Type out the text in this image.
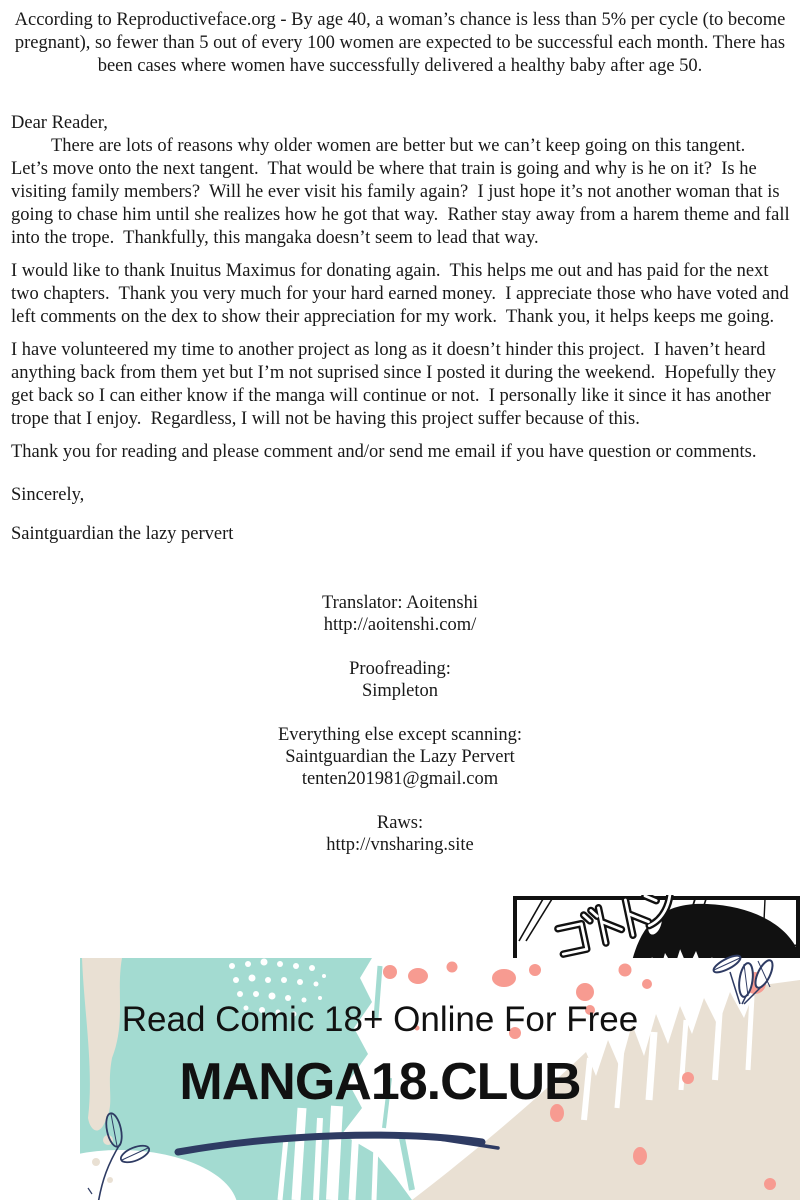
According to Reproductiveface.org - By age 40, a woman’s chance is less than 5% per cycle (to become
pregnant), so fewer than 5 out of every 100 women are expected to be successful each month. There has
been cases where women have successfully delivered a healthy baby after age 50.

Dear Reader,

There are lots of reasons why older women are better but we can’t keep going on this tangent.  Let’s move onto the next tangent.  That would be where that train is going and why is he on it?  Is he visiting family members?  Will he ever visit his family again?  I just hope it’s not another woman that is going to chase him until she realizes how he got that way.  Rather stay away from a harem theme and fall into the trope.  Thankfully, this mangaka doesn’t seem to lead that way.

I would like to thank Inuitus Maximus for donating again.  This helps me out and has paid for the next two chapters.  Thank you very much for your hard earned money.  I appreciate those who have voted and left comments on the dex to show their appreciation for my work.  Thank you, it helps keeps me going.

I have volunteered my time to another project as long as it doesn’t hinder this project.  I haven’t heard anything back from them yet but I’m not suprised since I posted it during the weekend.  Hopefully they get back so I can either know if the manga will continue or not.  I personally like it since it has another trope that I enjoy.  Regardless, I will not be having this project suffer because of this.

Thank you for reading and please comment and/or send me email if you have question or comments.

Sincerely,

Saintguardian the lazy pervert

Translator: Aoitenshi
http://aoitenshi.com/
Proofreading:
Simpleton
Everything else except scanning:
Saintguardian the Lazy Pervert
tenten201981@gmail.com
Raws:
http://vnsharing.site
Read Comic 18+ Online For Free
MANGA18.CLUB
